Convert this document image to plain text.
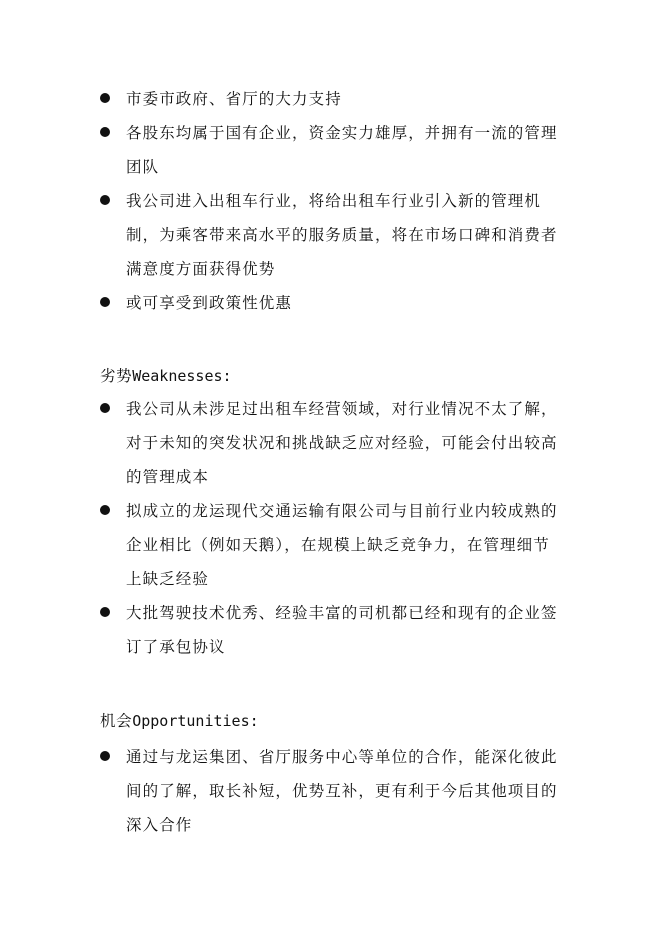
市委市政府、省厅的大力支持
各股东均属于国有企业，资金实力雄厚，并拥有一流的管理团队
我公司进入出租车行业，将给出租车行业引入新的管理机制，为乘客带来高水平的服务质量，将在市场口碑和消费者满意度方面获得优势
或可享受到政策性优惠
劣势Weaknesses:
我公司从未涉足过出租车经营领域，对行业情况不太了解，对于未知的突发状况和挑战缺乏应对经验，可能会付出较高的管理成本
拟成立的龙运现代交通运输有限公司与目前行业内较成熟的企业相比（例如天鹅），在规模上缺乏竞争力，在管理细节上缺乏经验
大批驾驶技术优秀、经验丰富的司机都已经和现有的企业签订了承包协议
机会Opportunities:
通过与龙运集团、省厅服务中心等单位的合作，能深化彼此间的了解，取长补短，优势互补，更有利于今后其他项目的深入合作
